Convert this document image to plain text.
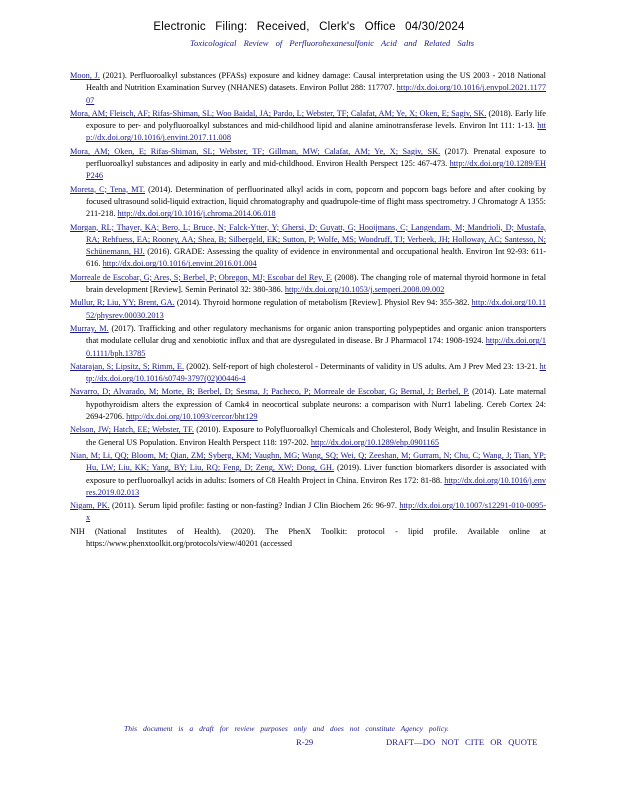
Electronic Filing: Received, Clerk's Office 04/30/2024
Toxicological Review of Perfluorohexanesulfonic Acid and Related Salts

Moon, J. (2021). Perfluoroalkyl substances (PFASs) exposure and kidney damage: Causal interpretation using the US 2003 - 2018 National Health and Nutrition Examination Survey (NHANES) datasets. Environ Pollut 288: 117707. http://dx.doi.org/10.1016/j.envpol.2021.117707

Mora, AM; Fleisch, AF; Rifas-Shiman, SL; Woo Baidal, JA; Pardo, L; Webster, TF; Calafat, AM; Ye, X; Oken, E; Sagiv, SK. (2018). Early life exposure to per- and polyfluoroalkyl substances and mid-childhood lipid and alanine aminotransferase levels. Environ Int 111: 1-13. http://dx.doi.org/10.1016/j.envint.2017.11.008

Mora, AM; Oken, E; Rifas-Shiman, SL; Webster, TF; Gillman, MW; Calafat, AM; Ye, X; Sagiv, SK. (2017). Prenatal exposure to perfluoroalkyl substances and adiposity in early and mid-childhood. Environ Health Perspect 125: 467-473. http://dx.doi.org/10.1289/EHP246

Moreta, C; Tena, MT. (2014). Determination of perfluorinated alkyl acids in corn, popcorn and popcorn bags before and after cooking by focused ultrasound solid-liquid extraction, liquid chromatography and quadrupole-time of flight mass spectrometry. J Chromatogr A 1355: 211-218. http://dx.doi.org/10.1016/j.chroma.2014.06.018

Morgan, RL; Thayer, KA; Bero, L; Bruce, N; Falck-Ytter, Y; Ghersi, D; Guyatt, G; Hooijmans, C; Langendam, M; Mandrioli, D; Mustafa, RA; Rehfuess, EA; Rooney, AA; Shea, B; Silbergeld, EK; Sutton, P; Wolfe, MS; Woodruff, TJ; Verbeek, JH; Holloway, AC; Santesso, N; Schünemann, HJ. (2016). GRADE: Assessing the quality of evidence in environmental and occupational health. Environ Int 92-93: 611-616. http://dx.doi.org/10.1016/j.envint.2016.01.004

Morreale de Escobar, G; Ares, S; Berbel, P; Obregon, MJ; Escobar del Rey, F. (2008). The changing role of maternal thyroid hormone in fetal brain development [Review]. Semin Perinatol 32: 380-386. http://dx.doi.org/10.1053/j.semperi.2008.09.002

Mullur, R; Liu, YY; Brent, GA. (2014). Thyroid hormone regulation of metabolism [Review]. Physiol Rev 94: 355-382. http://dx.doi.org/10.1152/physrev.00030.2013

Murray, M. (2017). Trafficking and other regulatory mechanisms for organic anion transporting polypeptides and organic anion transporters that modulate cellular drug and xenobiotic influx and that are dysregulated in disease. Br J Pharmacol 174: 1908-1924. http://dx.doi.org/10.1111/bph.13785

Natarajan, S; Lipsitz, S; Rimm, E. (2002). Self-report of high cholesterol - Determinants of validity in US adults. Am J Prev Med 23: 13-21. http://dx.doi.org/10.1016/s0749-3797(02)00446-4

Navarro, D; Alvarado, M; Morte, B; Berbel, D; Sesma, J; Pacheco, P; Morreale de Escobar, G; Bernal, J; Berbel, P. (2014). Late maternal hypothyroidism alters the expression of Camk4 in neocortical subplate neurons: a comparison with Nurr1 labeling. Cereb Cortex 24: 2694-2706. http://dx.doi.org/10.1093/cercor/bht129

Nelson, JW; Hatch, EE; Webster, TF. (2010). Exposure to Polyfluoroalkyl Chemicals and Cholesterol, Body Weight, and Insulin Resistance in the General US Population. Environ Health Perspect 118: 197-202. http://dx.doi.org/10.1289/ehp.0901165

Nian, M; Li, QQ; Bloom, M; Qian, ZM; Syberg, KM; Vaughn, MG; Wang, SQ; Wei, Q; Zeeshan, M; Gurram, N; Chu, C; Wang, J; Tian, YP; Hu, LW; Liu, KK; Yang, BY; Liu, RQ; Feng, D; Zeng, XW; Dong, GH. (2019). Liver function biomarkers disorder is associated with exposure to perfluoroalkyl acids in adults: Isomers of C8 Health Project in China. Environ Res 172: 81-88. http://dx.doi.org/10.1016/j.envres.2019.02.013

Nigam, PK. (2011). Serum lipid profile: fasting or non-fasting? Indian J Clin Biochem 26: 96-97. http://dx.doi.org/10.1007/s12291-010-0095-x

NIH (National Institutes of Health). (2020). The PhenX Toolkit: protocol - lipid profile. Available online at https://www.phenxtoolkit.org/protocols/view/40201 (accessed

This document is a draft for review purposes only and does not constitute Agency policy.
R-29	DRAFT—DO NOT CITE OR QUOTE
